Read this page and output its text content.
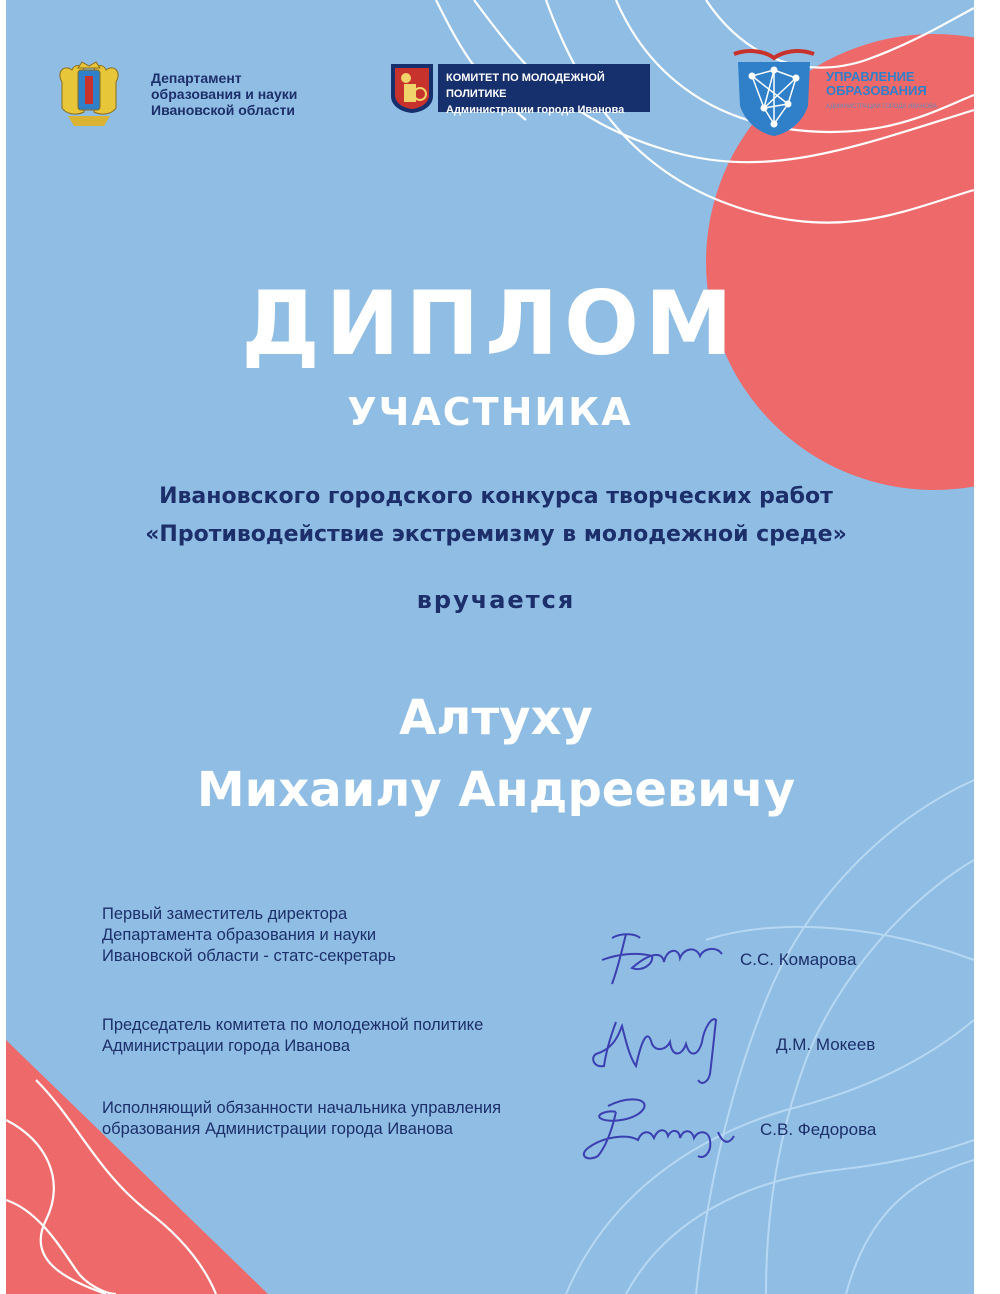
Департамент
образования и науки
Ивановской области
КОМИТЕТ ПО МОЛОДЕЖНОЙ ПОЛИТИКЕ
Администрации города Иванова
УПРАВЛЕНИЕ
ОБРАЗОВАНИЯ
АДМИНИСТРАЦИИ ГОРОДА ИВАНОВА
ДИПЛОМ
УЧАСТНИКА
Ивановского городского конкурса творческих работ
«Противодействие экстремизму в молодежной среде»
вручается
Алтуху
Михаилу Андреевичу
Первый заместитель директора
Департамента образования и науки
Ивановской области - статс-секретарь	С.С. Комарова
Председатель комитета по молодежной политике
Администрации города Иванова	Д.М. Мокеев
Исполняющий обязанности начальника управления
образования Администрации города Иванова	С.В. Федорова
